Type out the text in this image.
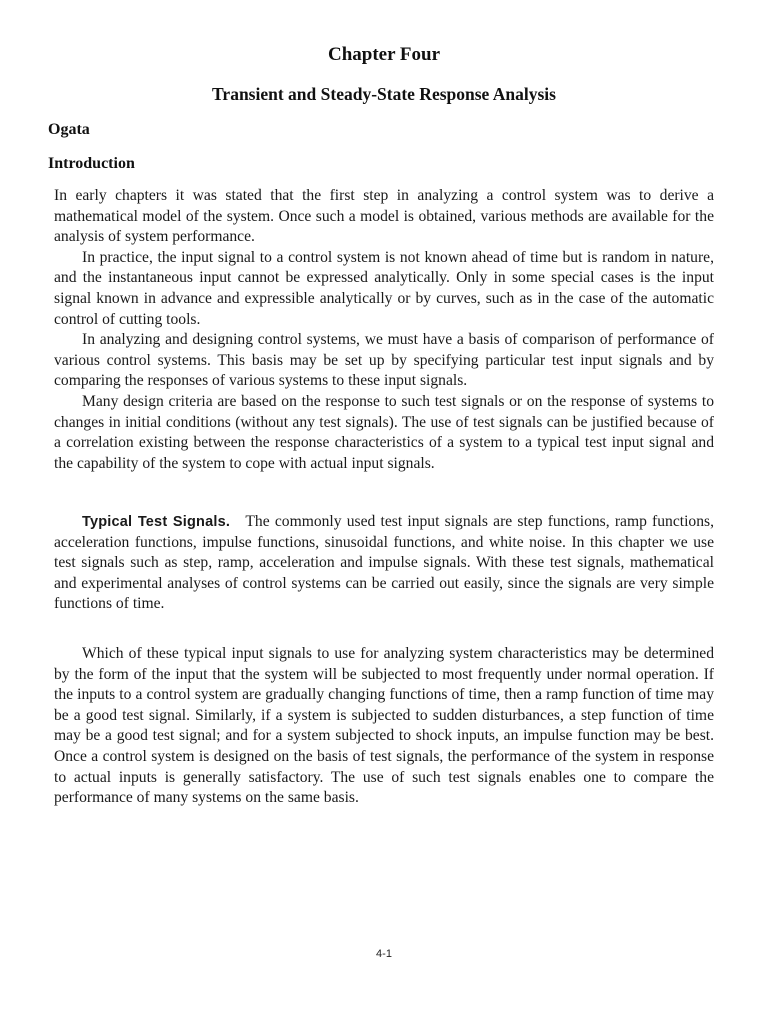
Chapter Four
Transient and Steady-State Response Analysis
Ogata
Introduction

In early chapters it was stated that the first step in analyzing a control system was to derive a mathematical model of the system. Once such a model is obtained, various methods are available for the analysis of system performance.

In practice, the input signal to a control system is not known ahead of time but is random in nature, and the instantaneous input cannot be expressed analytically. Only in some special cases is the input signal known in advance and expressible analytically or by curves, such as in the case of the automatic control of cutting tools.

In analyzing and designing control systems, we must have a basis of comparison of performance of various control systems. This basis may be set up by specifying particular test input signals and by comparing the responses of various systems to these input signals.

Many design criteria are based on the response to such test signals or on the response of systems to changes in initial conditions (without any test signals). The use of test signals can be justified because of a correlation existing between the response characteristics of a system to a typical test input signal and the capability of the system to cope with actual input signals.

Typical Test Signals. The commonly used test input signals are step functions, ramp functions, acceleration functions, impulse functions, sinusoidal functions, and white noise. In this chapter we use test signals such as step, ramp, acceleration and impulse signals. With these test signals, mathematical and experimental analyses of control systems can be carried out easily, since the signals are very simple functions of time.

Which of these typical input signals to use for analyzing system characteristics may be determined by the form of the input that the system will be subjected to most frequently under normal operation. If the inputs to a control system are gradually changing functions of time, then a ramp function of time may be a good test signal. Similarly, if a system is subjected to sudden disturbances, a step function of time may be a good test signal; and for a system subjected to shock inputs, an impulse function may be best. Once a control system is designed on the basis of test signals, the performance of the system in response to actual inputs is generally satisfactory. The use of such test signals enables one to compare the performance of many systems on the same basis.

4-1
